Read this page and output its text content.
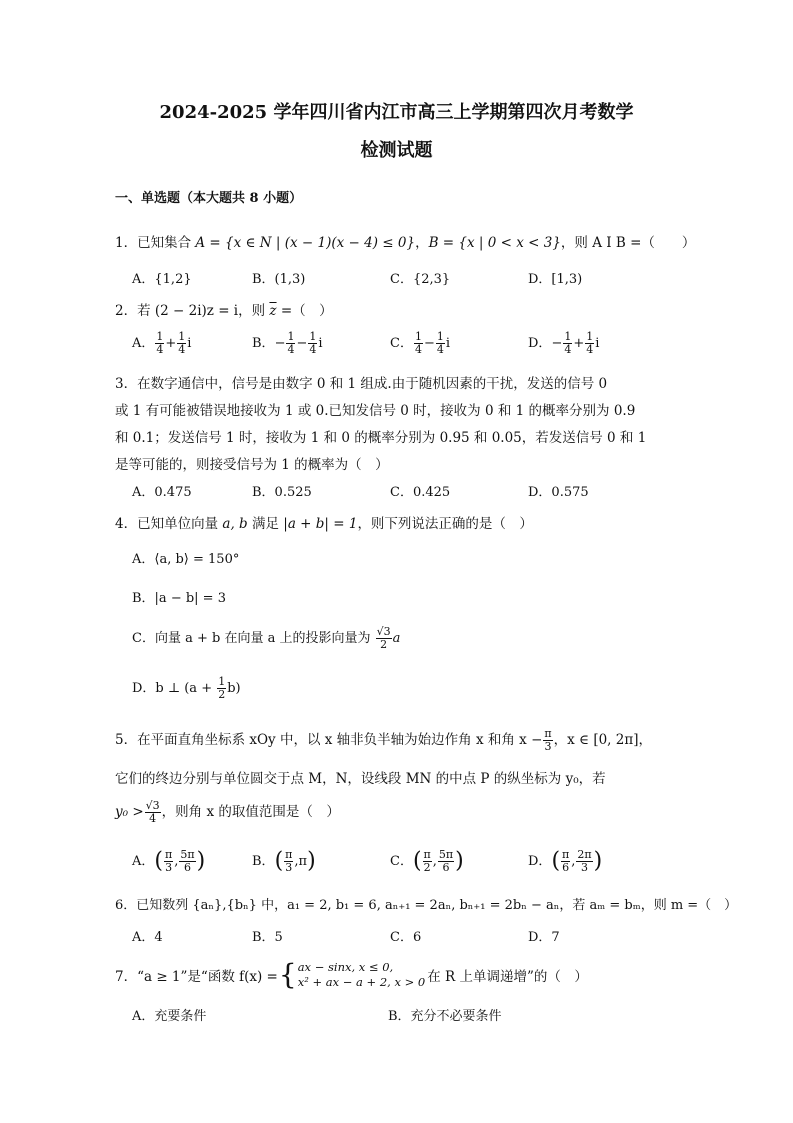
2024-2025 学年四川省内江市高三上学期第四次月考数学
检测试题
一、单选题（本大题共 8 小题）
1．已知集合 A = {x ∈ N | (x − 1)(x − 4) ≤ 0}，B = {x | 0 < x < 3}，则 A I B =（　　）
A．{1,2}	B．(1,3)	C．{2,3}	D．[1,3)
2．若 (2 − 2i)z = i，则 $\overline{z}$ =（　）
A． $\frac{1}{4} + \frac{1}{4}$ i	B．− $\frac{1}{4} - \frac{1}{4}$ i	C． $\frac{1}{4} - \frac{1}{4}$ i	D．− $\frac{1}{4} + \frac{1}{4}$ i
3．在数字通信中，信号是由数字 0 和 1 组成.由于随机因素的干扰，发送的信号 0
或 1 有可能被错误地接收为 1 或 0.已知发信号 0 时，接收为 0 和 1 的概率分别为 0.9
和 0.1；发送信号 1 时，接收为 1 和 0 的概率分别为 0.95 和 0.05，若发送信号 0 和 1
是等可能的，则接受信号为 1 的概率为（　）
A．0.475	B．0.525	C．0.425	D．0.575
4．已知单位向量 a, b 满足 |a + b| = 1，则下列说法正确的是（　）
A．⟨a, b⟩ = 150°
B．|a − b| = 3
C．向量 a + b 在向量 a 上的投影向量为 $\frac{√3}{2}$ a
D．b ⊥ $(a + \frac{1}{2} b)$
5．在平面直角坐标系 xOy 中，以 x 轴非负半轴为始边作角 x 和角 $x - \frac{\pi}{3}$ ，x ∈ [0, 2π]，
它们的终边分别与单位圆交于点 M，N，设线段 MN 的中点 P 的纵坐标为 y₀，若
$y_0 > \frac{√3}{4}$ ，则角 x 的取值范围是（　）
A．( $\frac{\pi}{3}$ , $\frac{5\pi}{6}$ )	B．( $\frac{\pi}{3} ,\pi$)	C．( $\frac{\pi}{2}$ , $\frac{5\pi}{6}$ )	D．( $\frac{\pi}{6}$ , $\frac{2\pi}{3}$ )
6．已知数列 {aₙ},{bₙ} 中，a₁ = 2, b₁ = 6, aₙ₊₁ = 2aₙ, bₙ₊₁ = 2bₙ − aₙ，若 aₘ = bₘ，则 m =（　）
A．4	B．5	C．6	D．7
7．“a ≥ 1”是“函数 f(x) = { ax − sinx, x ≤ 0,
x² + ax − a + 2, x > 0 在 R 上单调递增”的（　）
A．充要条件	B．充分不必要条件
